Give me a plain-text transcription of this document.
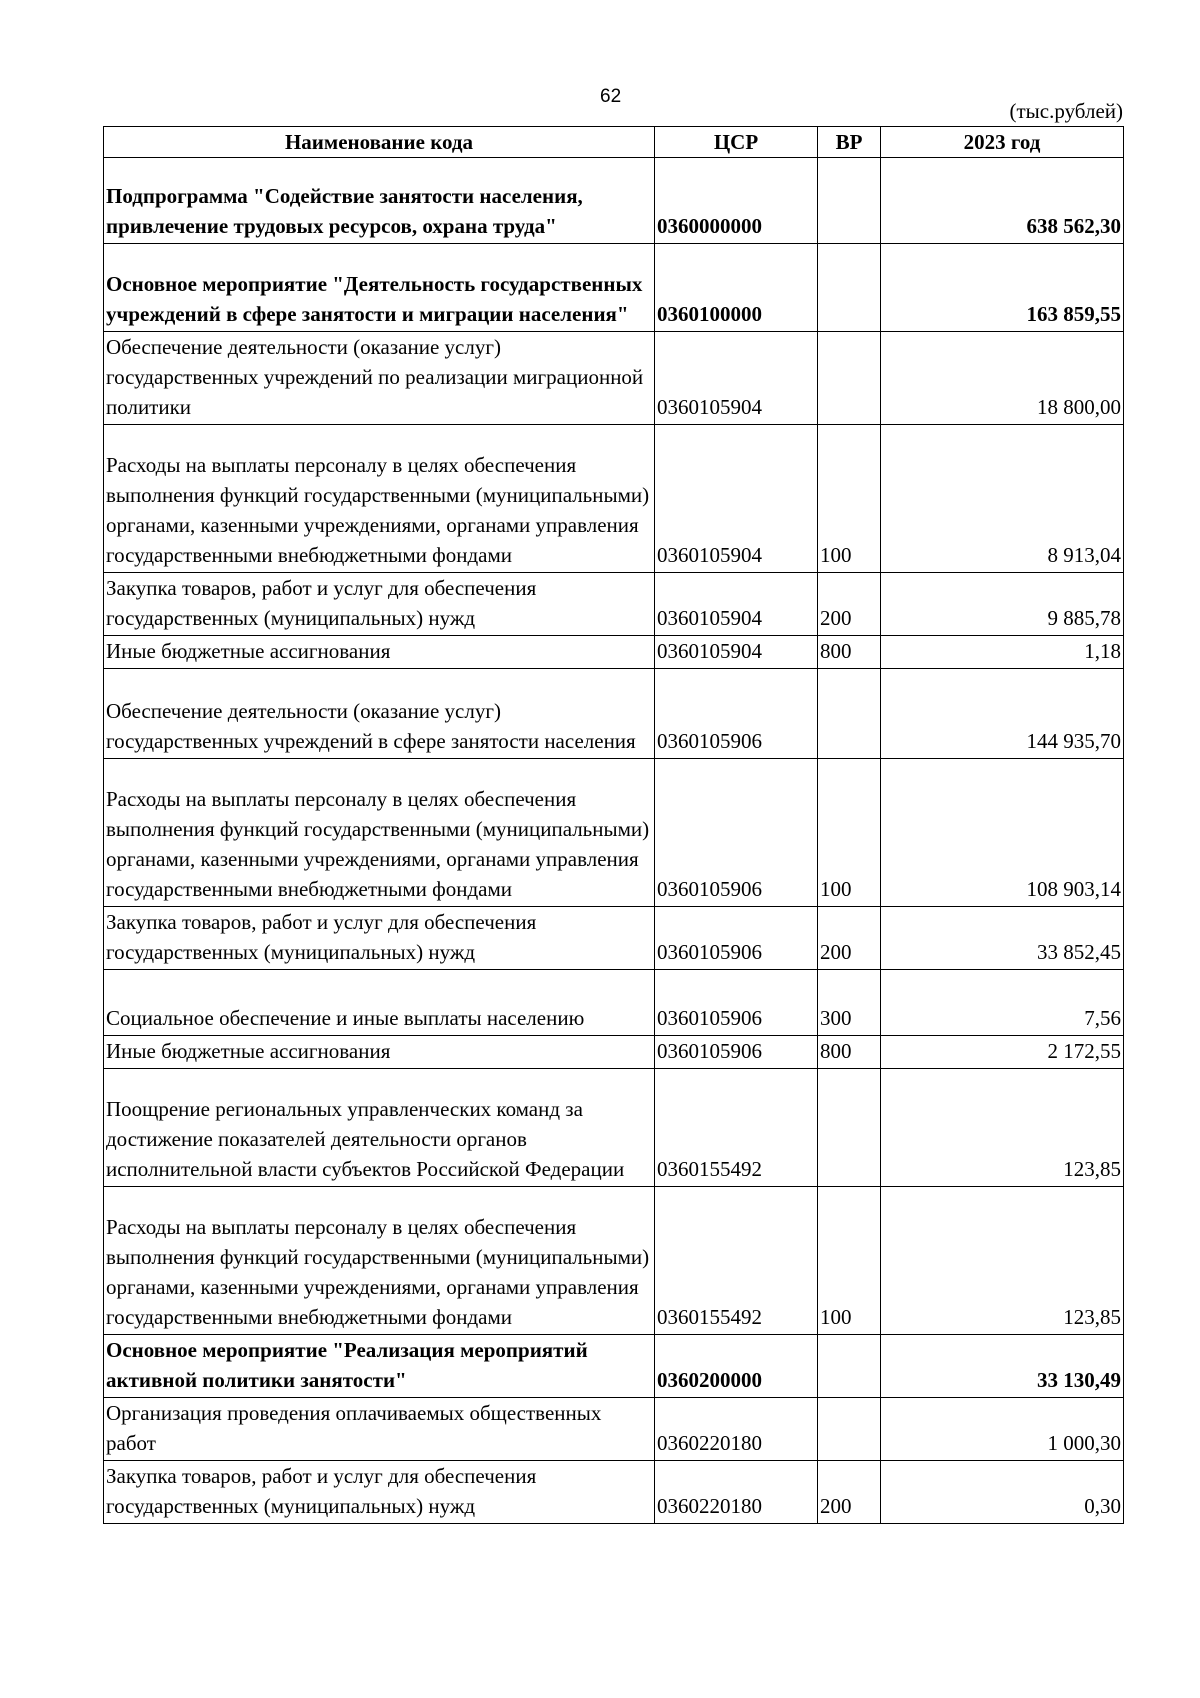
62
(тыс.рублей)
Наименование кода	ЦСР	ВР	2023 год
Подпрограмма "Содействие занятости населения, привлечение трудовых ресурсов, охрана труда"	0360000000		638 562,30
Основное мероприятие "Деятельность государственных учреждений в сфере занятости и миграции населения"	0360100000		163 859,55
Обеспечение деятельности (оказание услуг) государственных учреждений по реализации миграционной политики	0360105904		18 800,00
Расходы на выплаты персоналу в целях обеспечения выполнения функций государственными (муниципальными) органами, казенными учреждениями, органами управления государственными внебюджетными фондами	0360105904	100	8 913,04
Закупка товаров, работ и услуг для обеспечения государственных (муниципальных) нужд	0360105904	200	9 885,78
Иные бюджетные ассигнования	0360105904	800	1,18
Обеспечение деятельности (оказание услуг) государственных учреждений в сфере занятости населения	0360105906		144 935,70
Расходы на выплаты персоналу в целях обеспечения выполнения функций государственными (муниципальными) органами, казенными учреждениями, органами управления государственными внебюджетными фондами	0360105906	100	108 903,14
Закупка товаров, работ и услуг для обеспечения государственных (муниципальных) нужд	0360105906	200	33 852,45
Социальное обеспечение и иные выплаты населению	0360105906	300	7,56
Иные бюджетные ассигнования	0360105906	800	2 172,55
Поощрение региональных управленческих команд за достижение показателей деятельности органов исполнительной власти субъектов Российской Федерации	0360155492		123,85
Расходы на выплаты персоналу в целях обеспечения выполнения функций государственными (муниципальными) органами, казенными учреждениями, органами управления государственными внебюджетными фондами	0360155492	100	123,85
Основное мероприятие "Реализация мероприятий активной политики занятости"	0360200000		33 130,49
Организация проведения оплачиваемых общественных работ	0360220180		1 000,30
Закупка товаров, работ и услуг для обеспечения государственных (муниципальных) нужд	0360220180	200	0,30
